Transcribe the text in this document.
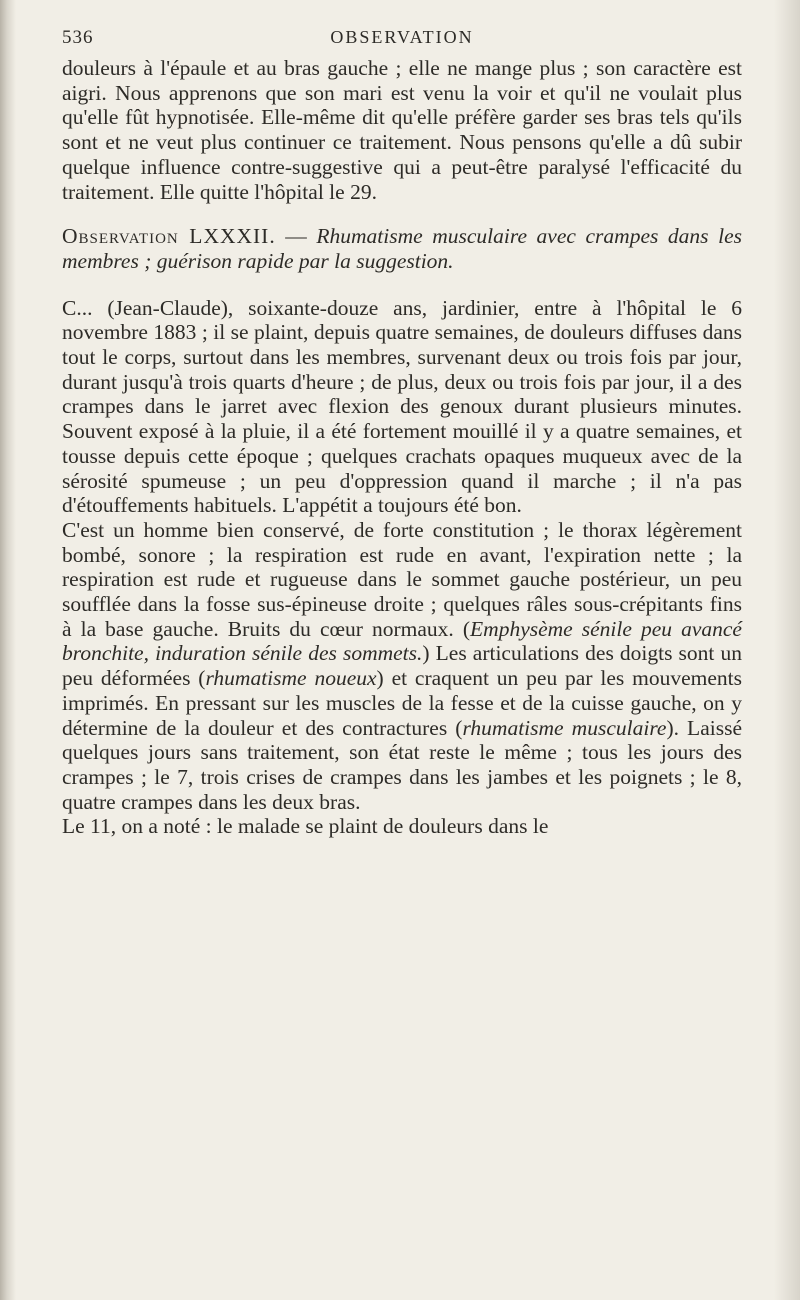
536	OBSERVATION

douleurs à l'épaule et au bras gauche ; elle ne mange plus ; son caractère est aigri. Nous apprenons que son mari est venu la voir et qu'il ne voulait plus qu'elle fût hypnotisée. Elle-même dit qu'elle préfère garder ses bras tels qu'ils sont et ne veut plus continuer ce traitement. Nous pensons qu'elle a dû subir quelque influence contre-suggestive qui a peut-être paralysé l'efficacité du traitement. Elle quitte l'hôpital le 29.

Observation LXXXII. — Rhumatisme musculaire avec crampes dans les membres ; guérison rapide par la suggestion.

C... (Jean-Claude), soixante-douze ans, jardinier, entre à l'hôpital le 6 novembre 1883 ; il se plaint, depuis quatre semaines, de douleurs diffuses dans tout le corps, surtout dans les membres, survenant deux ou trois fois par jour, durant jusqu'à trois quarts d'heure ; de plus, deux ou trois fois par jour, il a des crampes dans le jarret avec flexion des genoux durant plusieurs minutes. Souvent exposé à la pluie, il a été fortement mouillé il y a quatre semaines, et tousse depuis cette époque ; quelques crachats opaques muqueux avec de la sérosité spumeuse ; un peu d'oppression quand il marche ; il n'a pas d'étouffements habituels. L'appétit a toujours été bon.

C'est un homme bien conservé, de forte constitution ; le thorax légèrement bombé, sonore ; la respiration est rude en avant, l'expiration nette ; la respiration est rude et rugueuse dans le sommet gauche postérieur, un peu soufflée dans la fosse sus-épineuse droite ; quelques râles sous-crépitants fins à la base gauche. Bruits du cœur normaux. (Emphysème sénile peu avancé bronchite, induration sénile des sommets.) Les articulations des doigts sont un peu déformées (rhumatisme noueux) et craquent un peu par les mouvements imprimés. En pressant sur les muscles de la fesse et de la cuisse gauche, on y détermine de la douleur et des contractures (rhumatisme musculaire). Laissé quelques jours sans traitement, son état reste le même ; tous les jours des crampes ; le 7, trois crises de crampes dans les jambes et les poignets ; le 8, quatre crampes dans les deux bras.

Le 11, on a noté : le malade se plaint de douleurs dans le
